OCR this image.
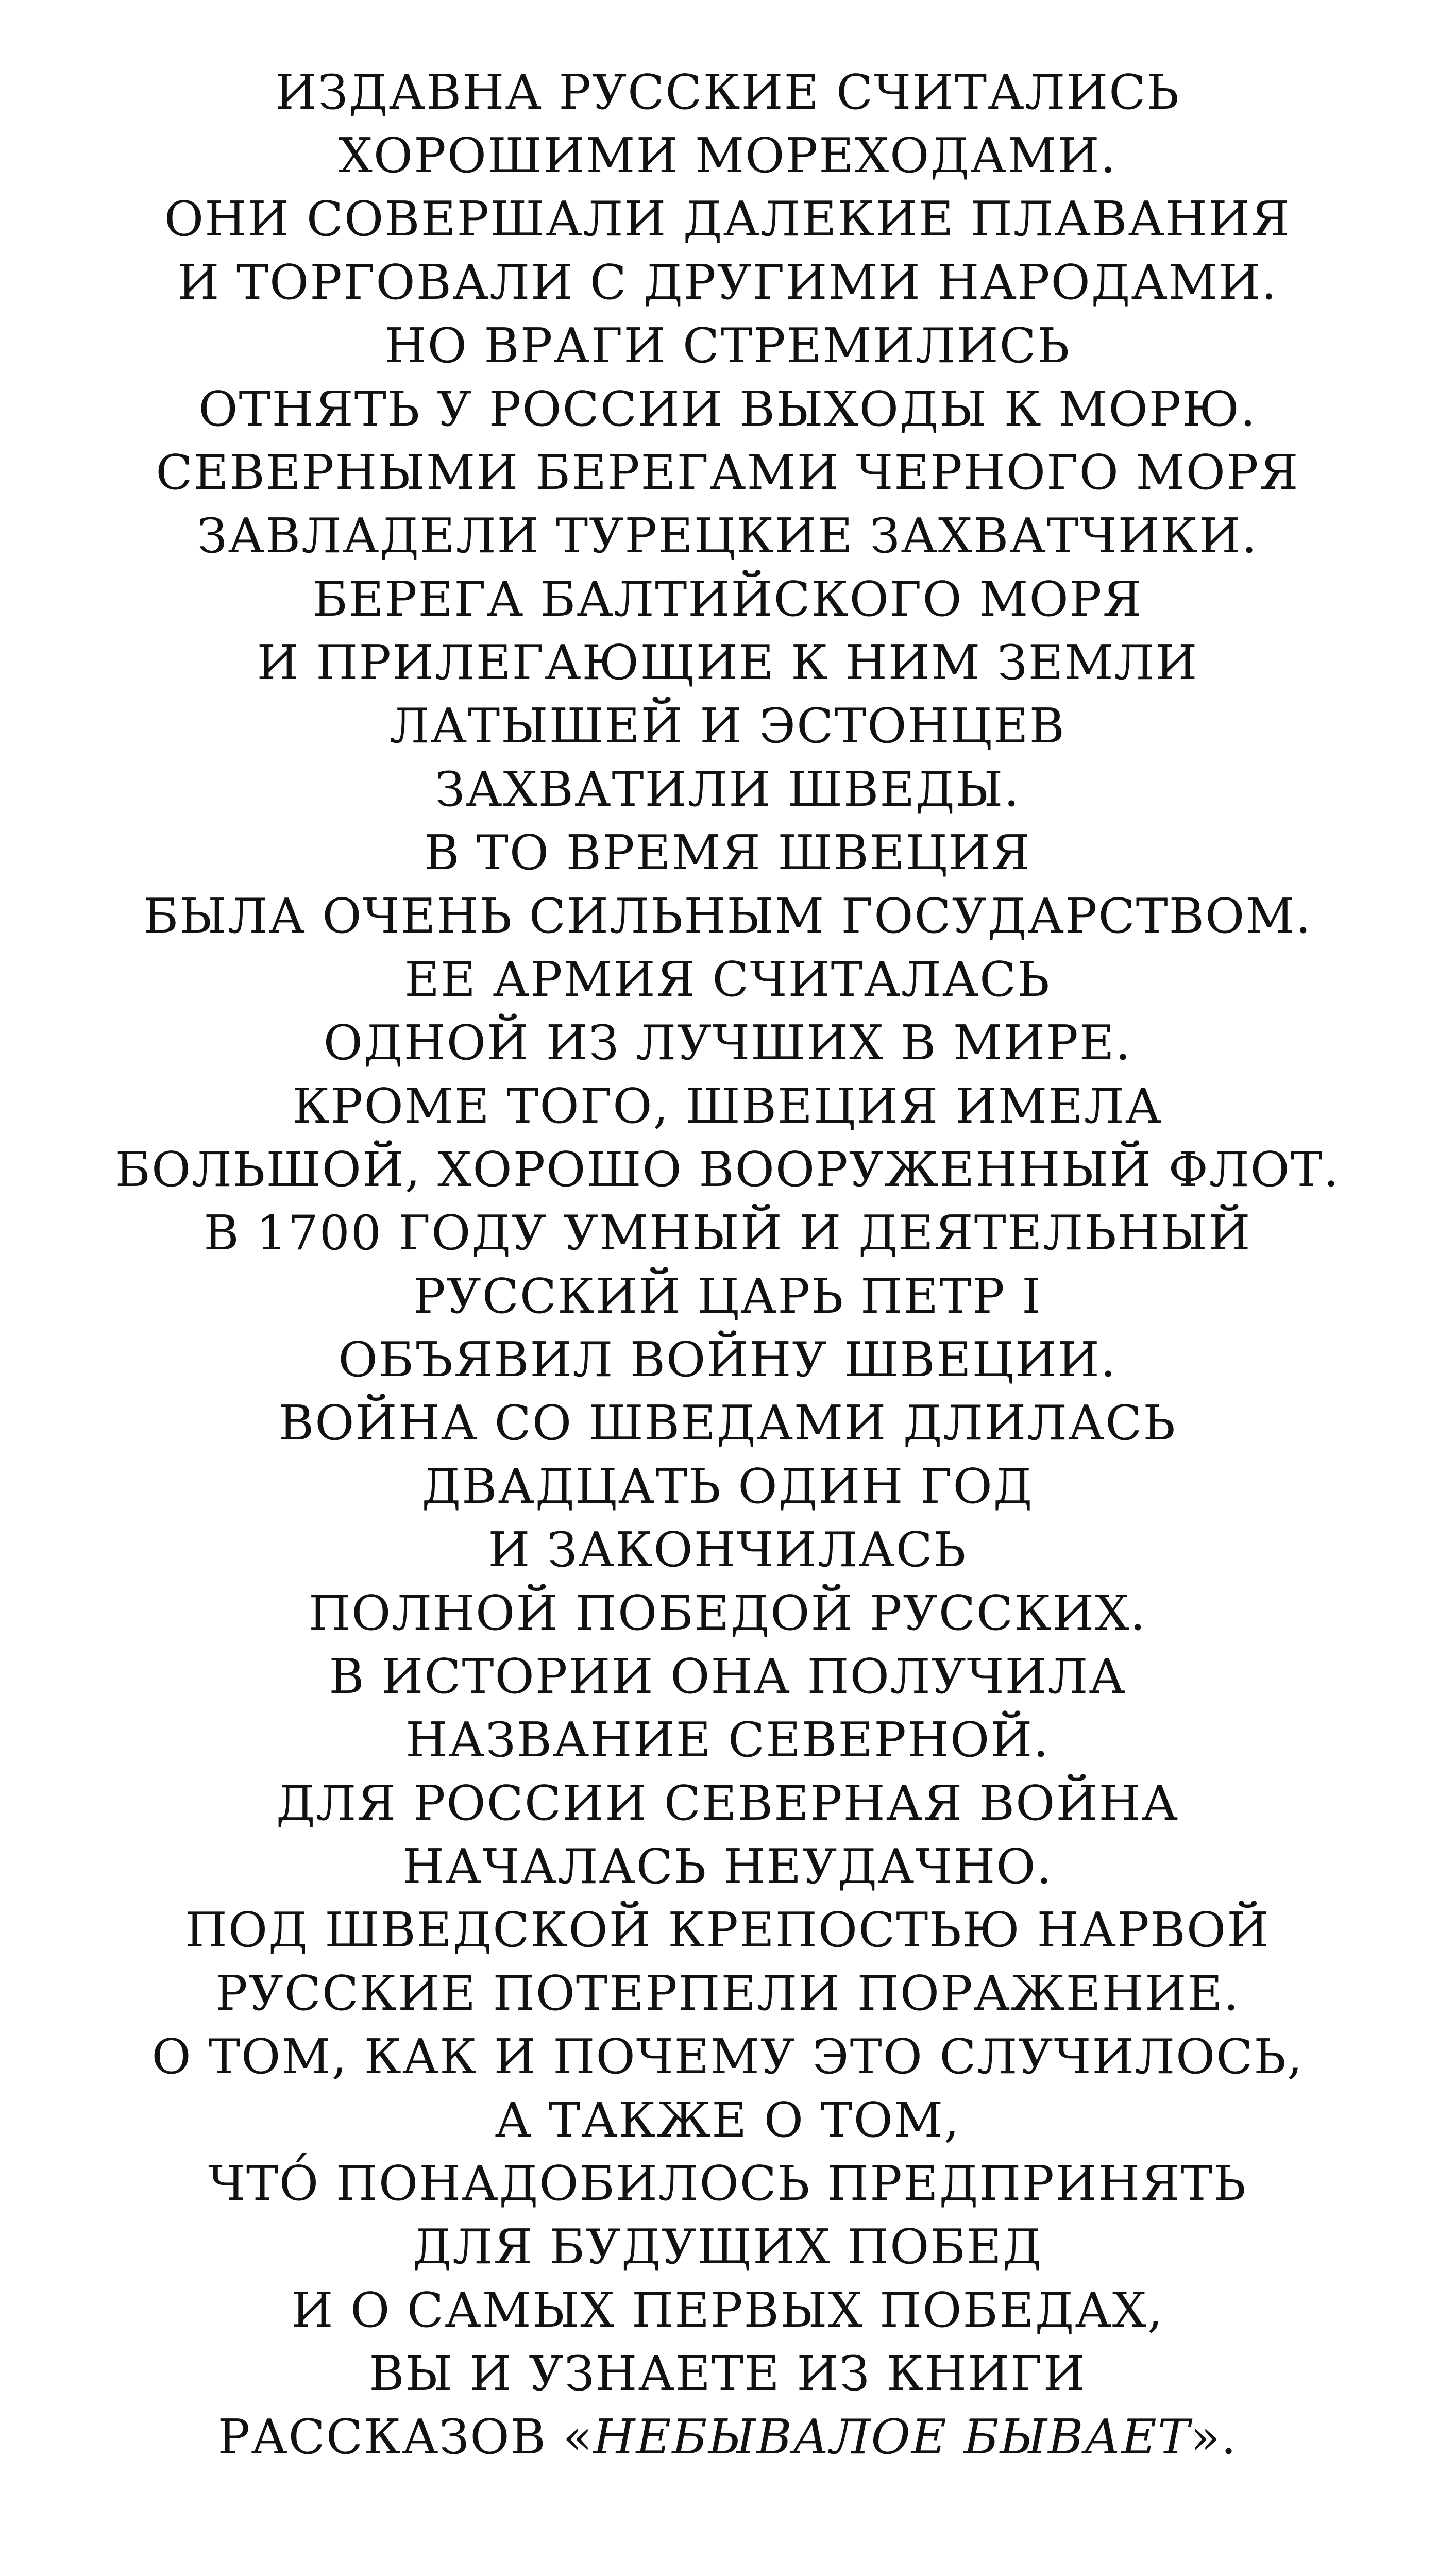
ИЗДАВНА РУССКИЕ СЧИТАЛИСЬ
ХОРОШИМИ МОРЕХОДАМИ.
ОНИ СОВЕРШАЛИ ДАЛЕКИЕ ПЛАВАНИЯ
И ТОРГОВАЛИ С ДРУГИМИ НАРОДАМИ.
НО ВРАГИ СТРЕМИЛИСЬ
ОТНЯТЬ У РОССИИ ВЫХОДЫ К МОРЮ.
СЕВЕРНЫМИ БЕРЕГАМИ ЧЕРНОГО МОРЯ
ЗАВЛАДЕЛИ ТУРЕЦКИЕ ЗАХВАТЧИКИ.
БЕРЕГА БАЛТИЙСКОГО МОРЯ
И ПРИЛЕГАЮЩИЕ К НИМ ЗЕМЛИ
ЛАТЫШЕЙ И ЭСТОНЦЕВ
ЗАХВАТИЛИ ШВЕДЫ.
В ТО ВРЕМЯ ШВЕЦИЯ
БЫЛА ОЧЕНЬ СИЛЬНЫМ ГОСУДАРСТВОМ.
ЕЕ АРМИЯ СЧИТАЛАСЬ
ОДНОЙ ИЗ ЛУЧШИХ В МИРЕ.
КРОМЕ ТОГО, ШВЕЦИЯ ИМЕЛА
БОЛЬШОЙ, ХОРОШО ВООРУЖЕННЫЙ ФЛОТ.
В 1700 ГОДУ УМНЫЙ И ДЕЯТЕЛЬНЫЙ
РУССКИЙ ЦАРЬ ПЕТР I
ОБЪЯВИЛ ВОЙНУ ШВЕЦИИ.
ВОЙНА СО ШВЕДАМИ ДЛИЛАСЬ
ДВАДЦАТЬ ОДИН ГОД
И ЗАКОНЧИЛАСЬ
ПОЛНОЙ ПОБЕДОЙ РУССКИХ.
В ИСТОРИИ ОНА ПОЛУЧИЛА
НАЗВАНИЕ СЕВЕРНОЙ.
ДЛЯ РОССИИ СЕВЕРНАЯ ВОЙНА
НАЧАЛАСЬ НЕУДАЧНО.
ПОД ШВЕДСКОЙ КРЕПОСТЬЮ НАРВОЙ
РУССКИЕ ПОТЕРПЕЛИ ПОРАЖЕНИЕ.
О ТОМ, КАК И ПОЧЕМУ ЭТО СЛУЧИЛОСЬ,
А ТАКЖЕ О ТОМ,
ЧТО́ ПОНАДОБИЛОСЬ ПРЕДПРИНЯТЬ
ДЛЯ БУДУЩИХ ПОБЕД
И О САМЫХ ПЕРВЫХ ПОБЕДАХ,
ВЫ И УЗНАЕТЕ ИЗ КНИГИ
РАССКАЗОВ «НЕБЫВАЛОЕ БЫВАЕТ».
